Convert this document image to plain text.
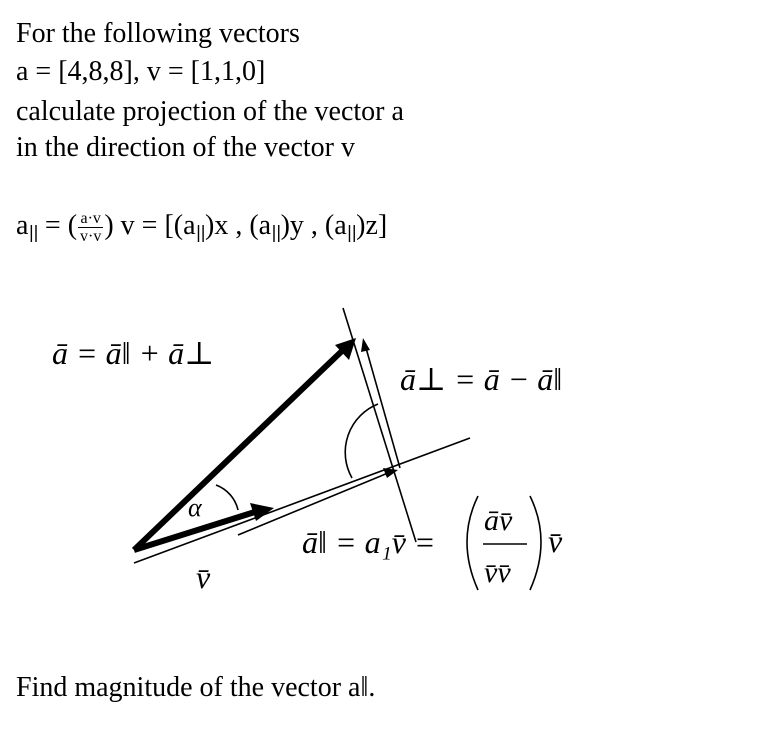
For the following vectors
a = [4,8,8], v = [1,1,0]
calculate projection of the vector a
in the direction of the vector v
a|| = ( $\frac{a\cdot v}{v\cdot v}$ ) v = [(a||)x , (a||)y , (a||)z]
α
ā = ā‖ + ā⊥
ā⊥ = ā − ā‖
ā‖ = a₁v̄ =
āv̄
v̄v̄
v̄
v̄
Find magnitude of the vector a‖.
